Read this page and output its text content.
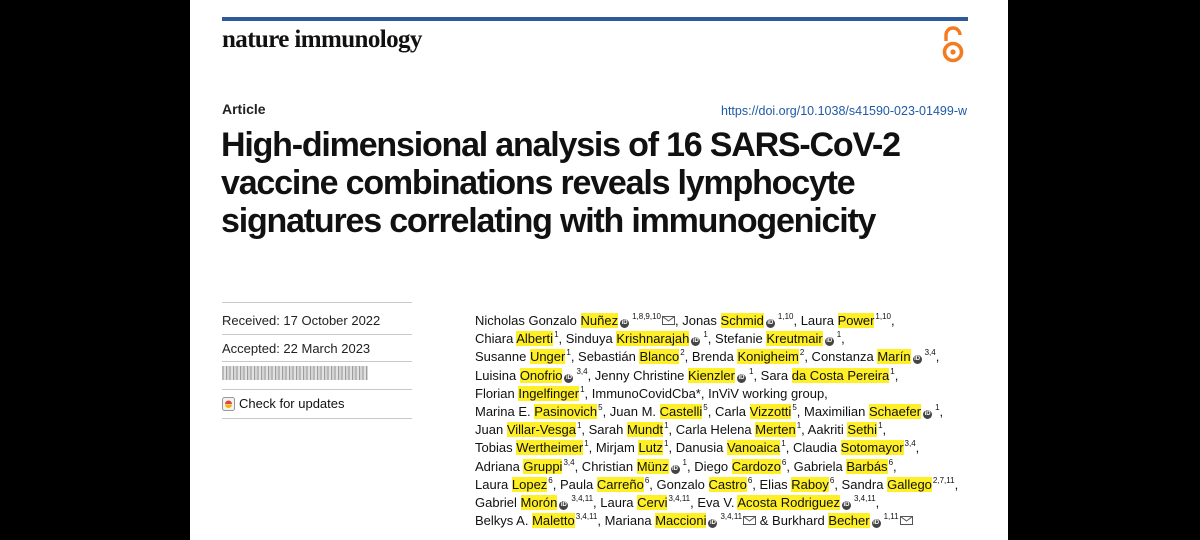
nature immunology
Article	https://doi.org/10.1038/s41590-023-01499-w
High-dimensional analysis of 16 SARS-CoV-2
vaccine combinations reveals lymphocyte
signatures correlating with immunogenicity
Received: 17 October 2022
Accepted: 22 March 2023
Check for updates
Nicholas Gonzalo Nuñez iD$^{1,8,9,10}$ , Jonas Schmid iD$^{1,10}$, Laura Power$^{1,10}$,
Chiara Alberti$^1$, Sinduya Krishnarajah $iD^1$, Stefanie Kreutmair $iD^1$,
Susanne Unger$^1$, Sebastián Blanco$^2$, Brenda Konigheim$^2$, Constanza Marín iD$^{3,4}$,
Luisina Onofrio iD$^{3,4}$, Jenny Christine Kienzler $iD^1$, Sara da Costa Pereira$^1$,
Florian Ingelfinger$^1$, ImmunoCovidCba*, InViV working group,
Marina E. Pasinovich$^5$, Juan M. Castelli$^5$, Carla Vizzotti$^5$, Maximilian Schaefer $iD^1$,
Juan Villar-Vesga$^1$, Sarah Mundt$^1$, Carla Helena Merten$^1$, Aakriti Sethi$^1$,
Tobias Wertheimer$^1$, Mirjam Lutz$^1$, Danusia Vanoaica$^1$, Claudia Sotomayor$^{3,4}$,
Adriana Gruppi$^{3,4}$, Christian Münz $iD^1$, Diego Cardozo$^6$, Gabriela Barbás$^6$,
Laura Lopez$^6$, Paula Carreño$^6$, Gonzalo Castro$^6$, Elias Raboy$^6$, Sandra Gallego$^{2,7,11}$,
Gabriel Morón iD$^{3,4,11}$, Laura Cervi$^{3,4,11}$, Eva V. Acosta Rodriguez iD$^{3,4,11}$,
Belkys A. Maletto$^{3,4,11}$, Mariana Maccioni iD$^{3,4,11}$ & Burkhard Becher iD$^{1,11}$
